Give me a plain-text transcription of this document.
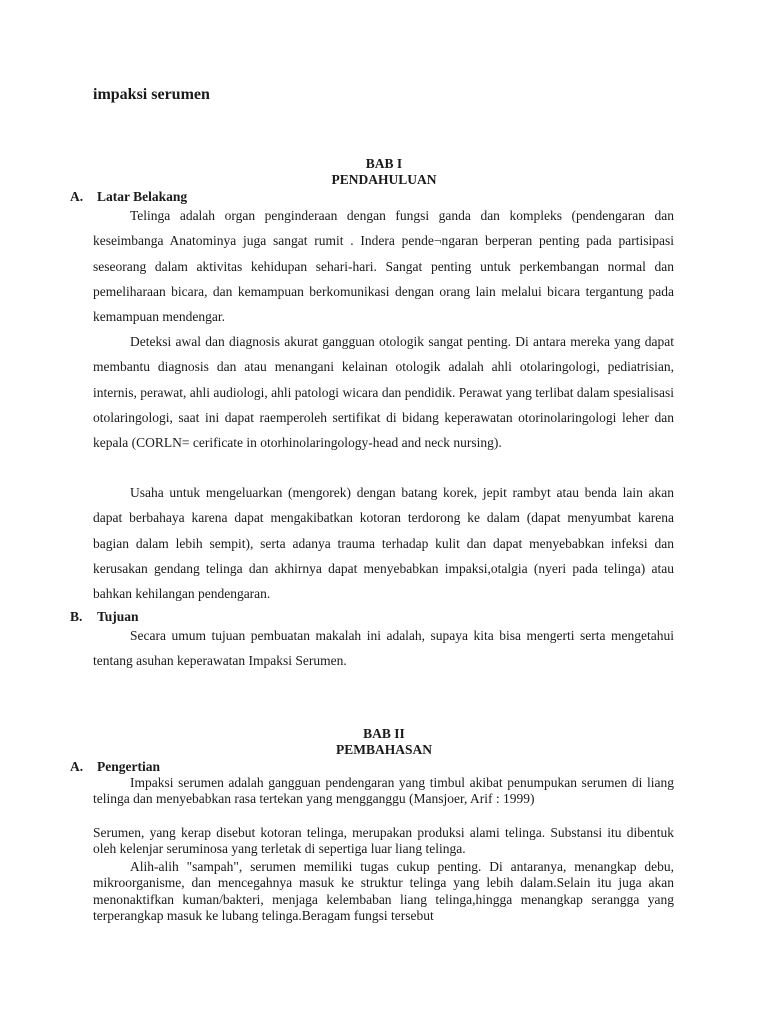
impaksi serumen
BAB I
PENDAHULUAN
A. Latar Belakang

Telinga adalah organ penginderaan dengan fungsi ganda dan kompleks (pendengaran dan keseimbanga Anatominya juga sangat rumit . Indera pende¬ngaran berperan penting pada partisipasi seseorang dalam aktivitas kehidupan sehari-hari. Sangat penting untuk perkembangan normal dan pemeliharaan bicara, dan kemampuan berkomunikasi dengan orang lain melalui bicara tergantung pada kemampuan mendengar.

Deteksi awal dan diagnosis akurat gangguan otologik sangat penting. Di antara mereka yang dapat membantu diagnosis dan atau menangani kelainan otologik adalah ahli otolaringologi, pediatrisian, internis, perawat, ahli audiologi, ahli patologi wicara dan pendidik. Perawat yang terlibat dalam spesialisasi otolaringologi, saat ini dapat raemperoleh sertifikat di bidang keperawatan otorinolaringologi leher dan kepala (CORLN= cerificate in otorhinolaringology-head and neck nursing).

Usaha untuk mengeluarkan (mengorek) dengan batang korek, jepit rambyt atau benda lain akan dapat berbahaya karena dapat mengakibatkan kotoran terdorong ke dalam (dapat menyumbat karena bagian dalam lebih sempit), serta adanya trauma terhadap kulit dan dapat menyebabkan infeksi dan kerusakan gendang telinga dan akhirnya dapat menyebabkan impaksi,otalgia (nyeri pada telinga) atau bahkan kehilangan pendengaran.

B. Tujuan

Secara umum tujuan pembuatan makalah ini adalah, supaya kita bisa mengerti serta mengetahui tentang asuhan keperawatan Impaksi Serumen.

BAB II
PEMBAHASAN
A. Pengertian

Impaksi serumen adalah gangguan pendengaran yang timbul akibat penumpukan serumen di liang telinga dan menyebabkan rasa tertekan yang mengganggu (Mansjoer, Arif : 1999)

Serumen, yang kerap disebut kotoran telinga, merupakan produksi alami telinga. Substansi itu dibentuk oleh kelenjar seruminosa yang terletak di sepertiga luar liang telinga.

Alih-alih "sampah", serumen memiliki tugas cukup penting. Di antaranya, menangkap debu, mikroorganisme, dan mencegahnya masuk ke struktur telinga yang lebih dalam.Selain itu juga akan menonaktifkan kuman/bakteri, menjaga kelembaban liang telinga,hingga menangkap serangga yang terperangkap masuk ke lubang telinga.Beragam fungsi tersebut
